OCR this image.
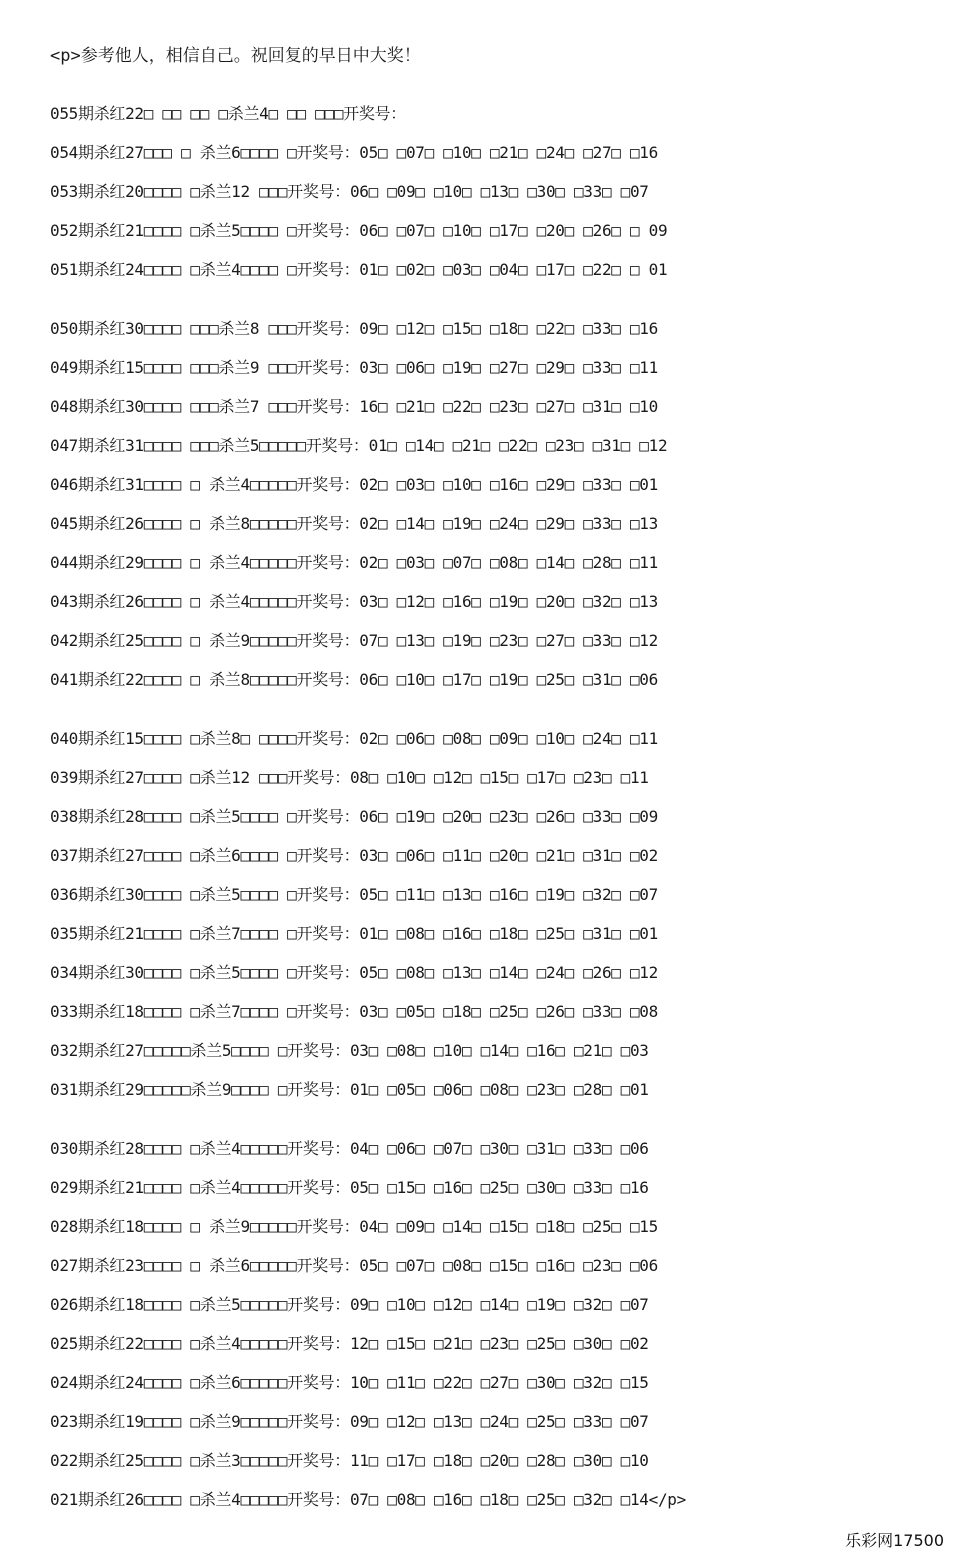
<p>参考他人，相信自己。祝回复的早日中大奖！
055期杀红22□ □□ □□ □杀兰4□ □□ □□□开奖号：
054期杀红27□□□ □ 杀兰6□□□□ □开奖号：05□ □07□ □10□ □21□ □24□ □27□ □16
053期杀红20□□□□ □杀兰12 □□□开奖号：06□ □09□ □10□ □13□ □30□ □33□ □07
052期杀红21□□□□ □杀兰5□□□□ □开奖号：06□ □07□ □10□ □17□ □20□ □26□ □ 09
051期杀红24□□□□ □杀兰4□□□□ □开奖号：01□ □02□ □03□ □04□ □17□ □22□ □ 01
050期杀红30□□□□ □□□杀兰8 □□□开奖号：09□ □12□ □15□ □18□ □22□ □33□ □16
049期杀红15□□□□ □□□杀兰9 □□□开奖号：03□ □06□ □19□ □27□ □29□ □33□ □11
048期杀红30□□□□ □□□杀兰7 □□□开奖号：16□ □21□ □22□ □23□ □27□ □31□ □10
047期杀红31□□□□ □□□杀兰5□□□□□开奖号：01□ □14□ □21□ □22□ □23□ □31□ □12
046期杀红31□□□□ □ 杀兰4□□□□□开奖号：02□ □03□ □10□ □16□ □29□ □33□ □01
045期杀红26□□□□ □ 杀兰8□□□□□开奖号：02□ □14□ □19□ □24□ □29□ □33□ □13
044期杀红29□□□□ □ 杀兰4□□□□□开奖号：02□ □03□ □07□ □08□ □14□ □28□ □11
043期杀红26□□□□ □ 杀兰4□□□□□开奖号：03□ □12□ □16□ □19□ □20□ □32□ □13
042期杀红25□□□□ □ 杀兰9□□□□□开奖号：07□ □13□ □19□ □23□ □27□ □33□ □12
041期杀红22□□□□ □ 杀兰8□□□□□开奖号：06□ □10□ □17□ □19□ □25□ □31□ □06
040期杀红15□□□□ □杀兰8□ □□□□开奖号：02□ □06□ □08□ □09□ □10□ □24□ □11
039期杀红27□□□□ □杀兰12 □□□开奖号：08□ □10□ □12□ □15□ □17□ □23□ □11
038期杀红28□□□□ □杀兰5□□□□ □开奖号：06□ □19□ □20□ □23□ □26□ □33□ □09
037期杀红27□□□□ □杀兰6□□□□ □开奖号：03□ □06□ □11□ □20□ □21□ □31□ □02
036期杀红30□□□□ □杀兰5□□□□ □开奖号：05□ □11□ □13□ □16□ □19□ □32□ □07
035期杀红21□□□□ □杀兰7□□□□ □开奖号：01□ □08□ □16□ □18□ □25□ □31□ □01
034期杀红30□□□□ □杀兰5□□□□ □开奖号：05□ □08□ □13□ □14□ □24□ □26□ □12
033期杀红18□□□□ □杀兰7□□□□ □开奖号：03□ □05□ □18□ □25□ □26□ □33□ □08
032期杀红27□□□□□杀兰5□□□□ □开奖号：03□ □08□ □10□ □14□ □16□ □21□ □03
031期杀红29□□□□□杀兰9□□□□ □开奖号：01□ □05□ □06□ □08□ □23□ □28□ □01
030期杀红28□□□□ □杀兰4□□□□□开奖号：04□ □06□ □07□ □30□ □31□ □33□ □06
029期杀红21□□□□ □杀兰4□□□□□开奖号：05□ □15□ □16□ □25□ □30□ □33□ □16
028期杀红18□□□□ □ 杀兰9□□□□□开奖号：04□ □09□ □14□ □15□ □18□ □25□ □15
027期杀红23□□□□ □ 杀兰6□□□□□开奖号：05□ □07□ □08□ □15□ □16□ □23□ □06
026期杀红18□□□□ □杀兰5□□□□□开奖号：09□ □10□ □12□ □14□ □19□ □32□ □07
025期杀红22□□□□ □杀兰4□□□□□开奖号：12□ □15□ □21□ □23□ □25□ □30□ □02
024期杀红24□□□□ □杀兰6□□□□□开奖号：10□ □11□ □22□ □27□ □30□ □32□ □15
023期杀红19□□□□ □杀兰9□□□□□开奖号：09□ □12□ □13□ □24□ □25□ □33□ □07
022期杀红25□□□□ □杀兰3□□□□□开奖号：11□ □17□ □18□ □20□ □28□ □30□ □10
021期杀红26□□□□ □杀兰4□□□□□开奖号：07□ □08□ □16□ □18□ □25□ □32□ □14</p>
乐彩网17500
